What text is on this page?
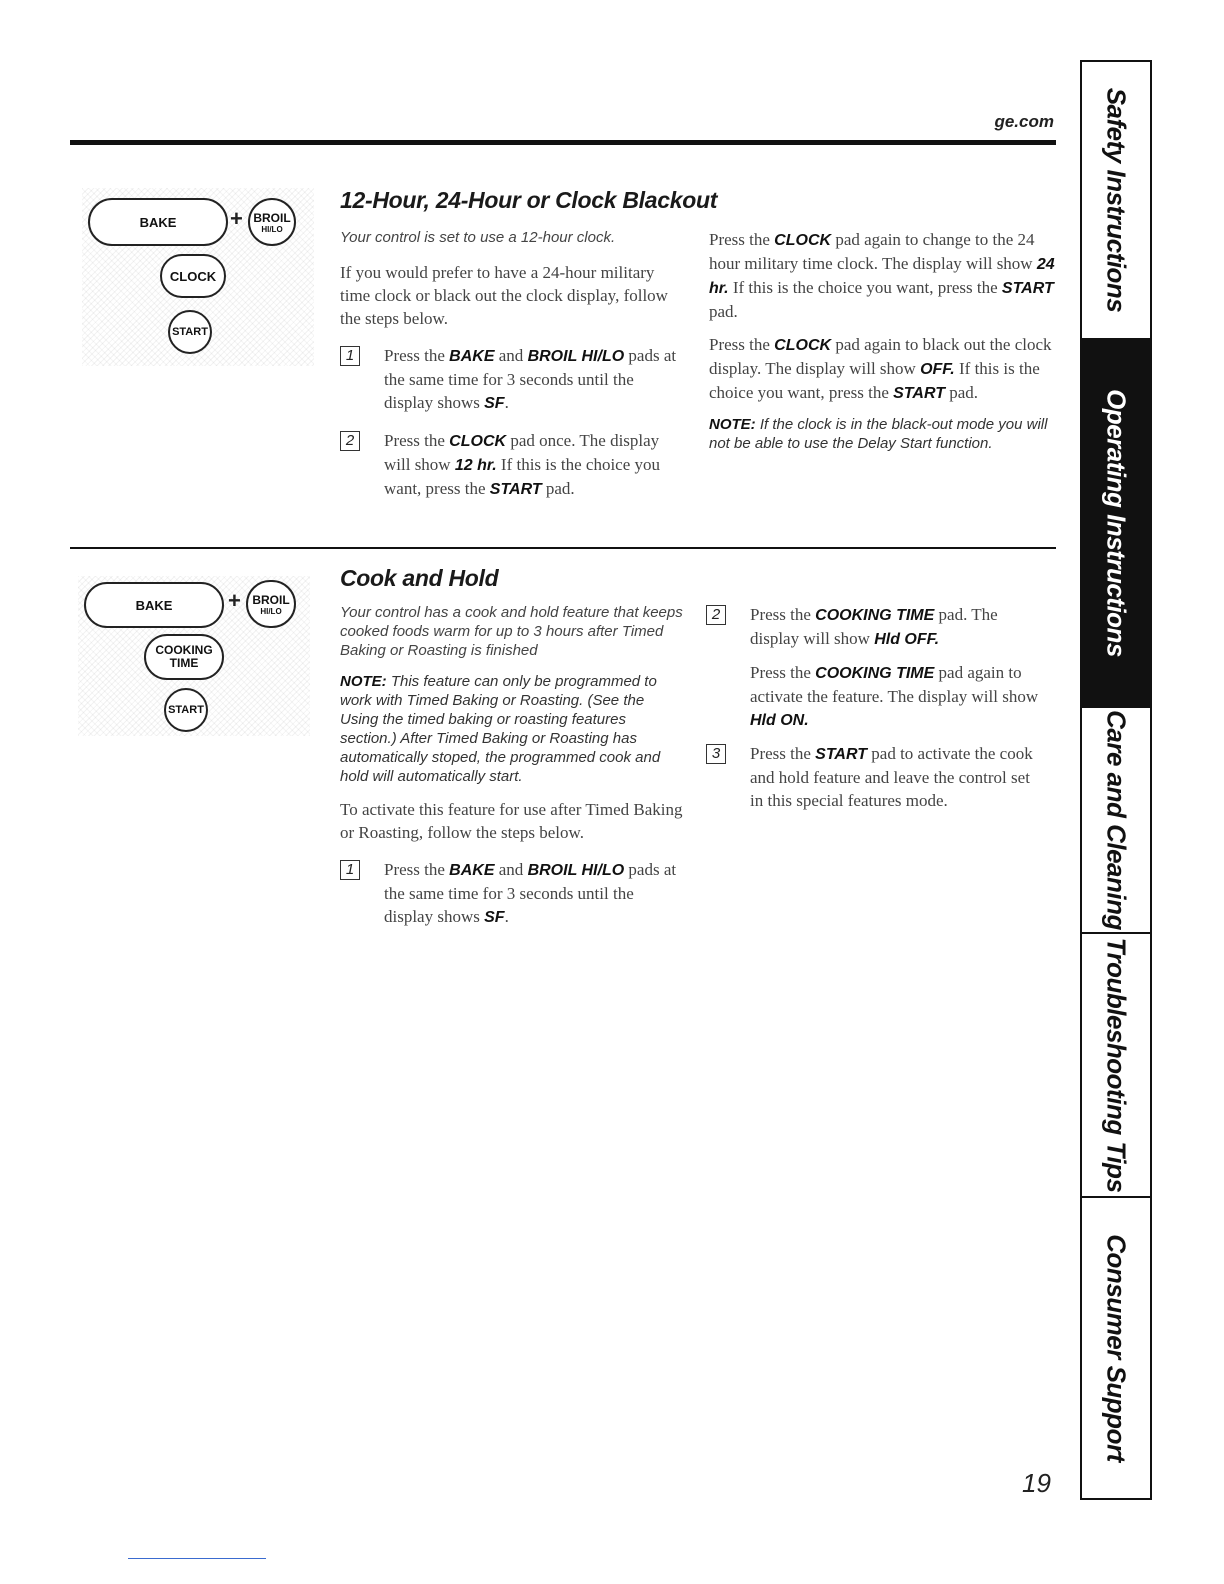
ge.com
BAKE	+ BROIL
HI/LO
CLOCK
START
12-Hour, 24-Hour or Clock Blackout

Your control is set to use a 12-hour clock.

If you would prefer to have a 24-hour military time clock or black out the clock display, follow the steps below.

1	Press the BAKE and BROIL HI/LO pads at the same time for 3 seconds until the display shows SF.

2	Press the CLOCK pad once. The display will show 12 hr. If this is the choice you want, press the START pad.

Press the CLOCK pad again to change to the 24 hour military time clock. The display will show 24 hr. If this is the choice you want, press the START pad.

Press the CLOCK pad again to black out the clock display. The display will show OFF. If this is the choice you want, press the START pad.

NOTE: If the clock is in the black-out mode you will not be able to use the Delay Start function.

BAKE	+ BROIL
HI/LO
COOKING
TIME
START
Cook and Hold

Your control has a cook and hold feature that keeps cooked foods warm for up to 3 hours after Timed Baking or Roasting is finished

NOTE: This feature can only be programmed to work with Timed Baking or Roasting. (See the Using the timed baking or roasting features section.) After Timed Baking or Roasting has automatically stoped, the programmed cook and hold will automatically start.

To activate this feature for use after Timed Baking or Roasting, follow the steps below.

1	Press the BAKE and BROIL HI/LO pads at the same time for 3 seconds until the display shows SF.

2	Press the COOKING TIME pad. The display will show Hld OFF.

Press the COOKING TIME pad again to activate the feature. The display will show Hld ON.

3	Press the START pad to activate the cook and hold feature and leave the control set in this special features mode.

Safety Instructions
Operating Instructions
Care and Cleaning
Troubleshooting Tips
Consumer Support
19
